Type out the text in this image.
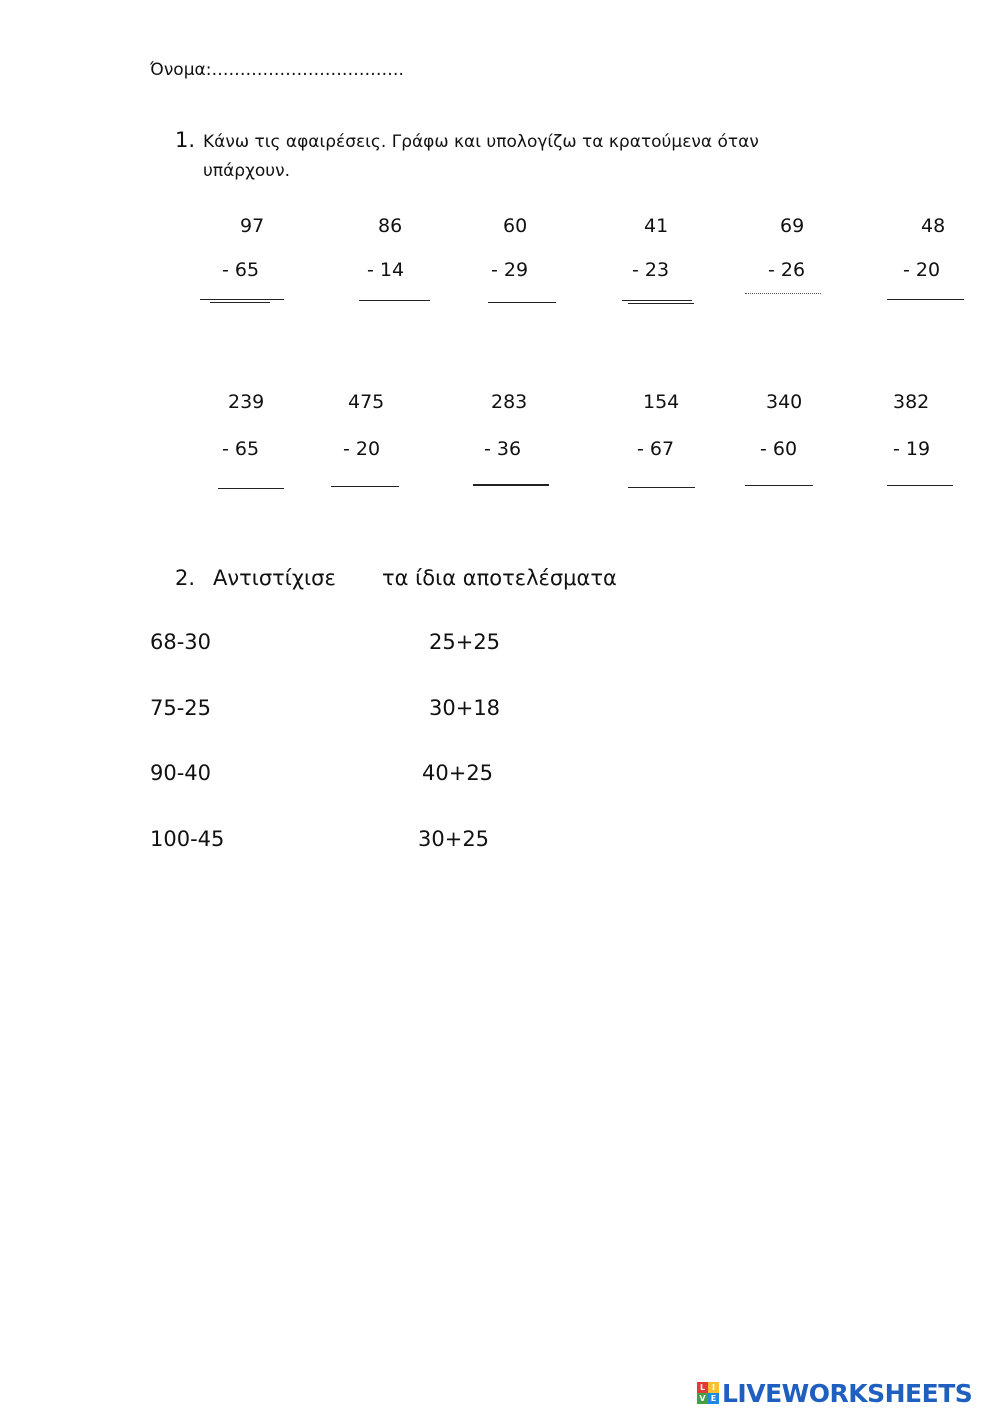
Όνομα:…………………………….
1. Κάνω τις αφαιρέσεις. Γράφω και υπολογίζω τα κρατούμενα όταν
υπάρχουν.
97
- 65
86
- 14
60
- 29
41
- 23
69
- 26
48
- 20
239
- 65
475
- 20
283
- 36
154
- 67
340
- 60
382
- 19
2. Αντιστίχισε τα ίδια αποτελέσματα
68-30
75-25
90-40
100-45
25+25
30+18
40+25
30+25
L I
V E LIVEWORKSHEETS
